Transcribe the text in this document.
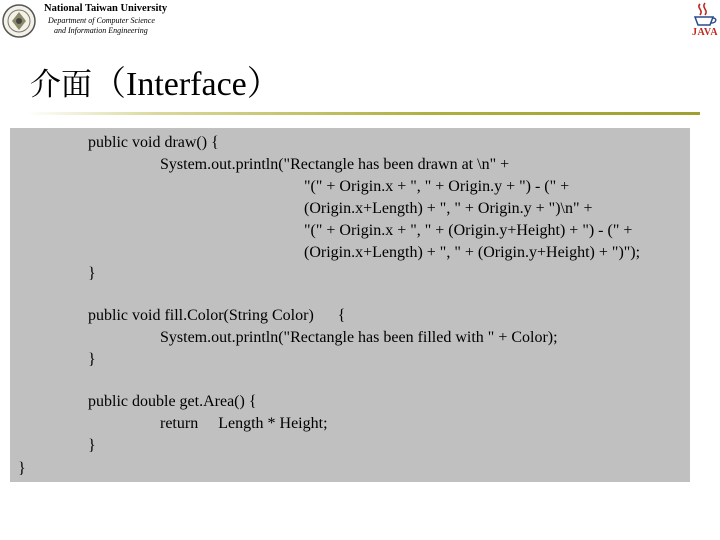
National Taiwan University
Department of Computer Science
and Information Engineering	JAVA
介面（Interface）
public void draw() {
System.out.println("Rectangle has been drawn at \n" +
"(" + Origin.x + ", " + Origin.y + ") - (" +
(Origin.x+Length) + ", " + Origin.y + ")\n" +
"(" + Origin.x + ", " + (Origin.y+Height) + ") - (" +
(Origin.x+Length) + ", " + (Origin.y+Height) + ")");
}
public void fill.Color(String Color)      {
System.out.println("Rectangle has been filled with " + Color);
}
public double get.Area() {
return     Length * Height;
}
}
